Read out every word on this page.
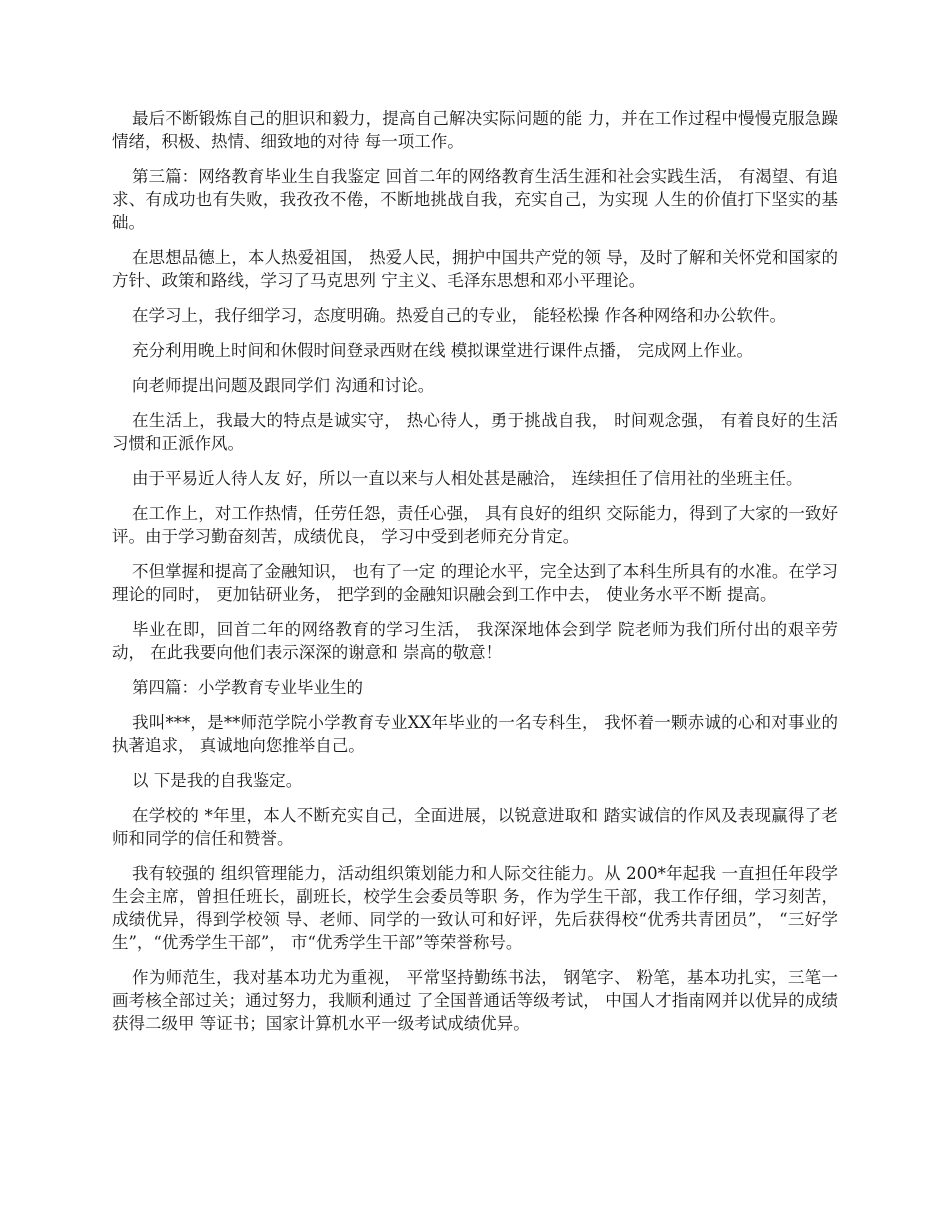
最后不断锻炼自己的胆识和毅力，提高自己解决实际问题的能 力，并在工作过程中慢慢克服急躁情绪，积极、热情、细致地的对待 每一项工作。

第三篇：网络教育毕业生自我鉴定 回首二年的网络教育生活生涯和社会实践生活， 有渴望、有追求、有成功也有失败，我孜孜不倦，不断地挑战自我，充实自己，为实现 人生的价值打下坚实的基础。

在思想品德上，本人热爱祖国， 热爱人民，拥护中国共产党的领 导，及时了解和关怀党和国家的方针、政策和路线，学习了马克思列 宁主义、毛泽东思想和邓小平理论。

在学习上，我仔细学习，态度明确。热爱自己的专业， 能轻松操 作各种网络和办公软件。

充分利用晚上时间和休假时间登录西财在线 模拟课堂进行课件点播， 完成网上作业。

向老师提出问题及跟同学们 沟通和讨论。

在生活上，我最大的特点是诚实守， 热心待人，勇于挑战自我， 时间观念强， 有着良好的生活习惯和正派作风。

由于平易近人待人友 好，所以一直以来与人相处甚是融洽， 连续担任了信用社的坐班主任。

在工作上，对工作热情，任劳任怨，责任心强， 具有良好的组织 交际能力，得到了大家的一致好评。由于学习勤奋刻苦，成绩优良， 学习中受到老师充分肯定。

不但掌握和提高了金融知识， 也有了一定 的理论水平，完全达到了本科生所具有的水准。在学习理论的同时， 更加钻研业务， 把学到的金融知识融会到工作中去， 使业务水平不断 提高。

毕业在即，回首二年的网络教育的学习生活， 我深深地体会到学 院老师为我们所付出的艰辛劳动， 在此我要向他们表示深深的谢意和 崇高的敬意！

第四篇：小学教育专业毕业生的

我叫***，是**师范学院小学教育专业XX年毕业的一名专科生， 我怀着一颗赤诚的心和对事业的执著追求， 真诚地向您推举自己。

以 下是我的自我鉴定。

在学校的 *年里，本人不断充实自己，全面进展，以锐意进取和 踏实诚信的作风及表现赢得了老师和同学的信任和赞誉。

我有较强的 组织管理能力，活动组织策划能力和人际交往能力。从 200*年起我 一直担任年段学生会主席，曾担任班长，副班长，校学生会委员等职 务，作为学生干部，我工作仔细，学习刻苦，成绩优异，得到学校领 导、老师、同学的一致认可和好评，先后获得校“优秀共青团员”， “三好学生”，“优秀学生干部”， 市“优秀学生干部”等荣誉称号。

作为师范生，我对基本功尤为重视， 平常坚持勤练书法， 钢笔字、 粉笔，基本功扎实，三笔一画考核全部过关；通过努力，我顺利通过 了全国普通话等级考试， 中国人才指南网并以优异的成绩获得二级甲 等证书；国家计算机水平一级考试成绩优异。
